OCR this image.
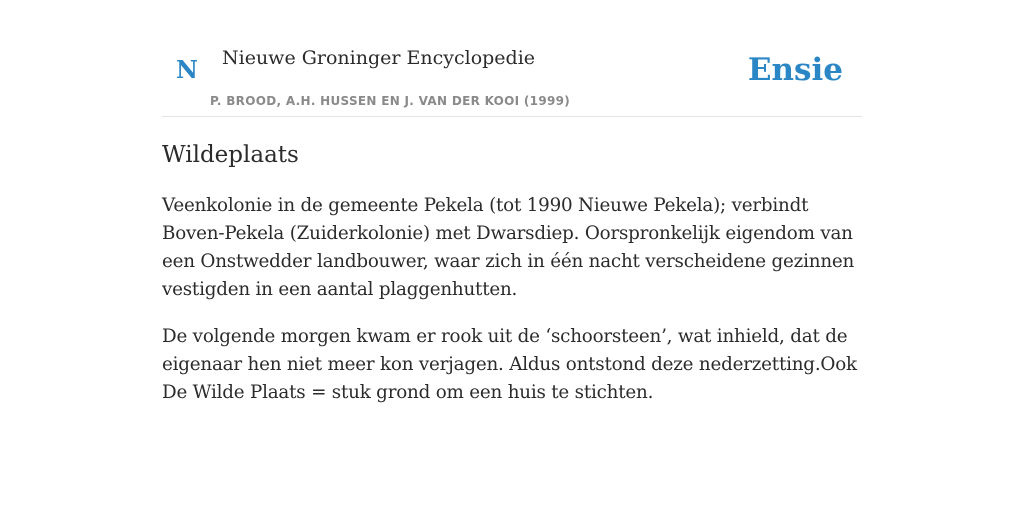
N Nieuwe Groninger Encyclopedie
P. BROOD, A.H. HUSSEN EN J. VAN DER KOOI (1999)
Ensie
Wildeplaats

Veenkolonie in de gemeente Pekela (tot 1990 Nieuwe Pekela); verbindt Boven-Pekela (Zuiderkolonie) met Dwarsdiep. Oorspronkelijk eigendom van een Onstwedder landbouwer, waar zich in één nacht verscheidene gezinnen vestigden in een aantal plaggenhutten.

De volgende morgen kwam er rook uit de ‘schoorsteen’, wat inhield, dat de eigenaar hen niet meer kon verjagen. Aldus ontstond deze nederzetting.Ook De Wilde Plaats = stuk grond om een huis te stichten.
